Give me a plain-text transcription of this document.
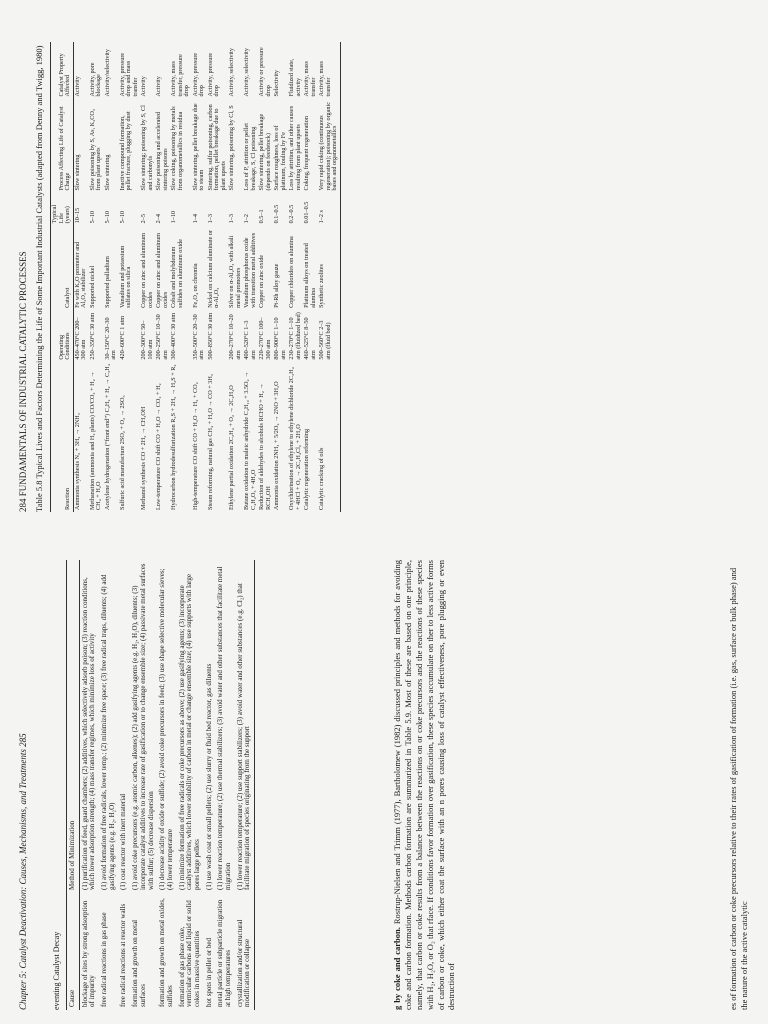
284 FUNDAMENTALS OF INDUSTRIAL CATALYTIC PROCESSES Table 5.8 Typical Lives and Factors Determining the Life of Some Important Industrial Catalysts (adapted from Denny and Twigg, 1980)	Reaction	Operating Conditions	Catalyst	Typical Life (years)	Process Affecting Life of Catalyst Charge	Catalyst Property Affected
Ammonia synthesis N₂ + 3H₂ → 2NH₃	450–470°C 200–300 atm	Fe with K₂O promoter and Al₂O₃ stabilizer	10–15	Slow sintering	Activity
Methanation (ammonia and H₂ plants) CO/CO₂ + H₂ → CH₄ + H₂O	250–350°C 30 atm	Supported nickel	5–10	Slow poisoning by S, As, K₂CO₃ from plant upsets	Activity, pore blockage
Acetylene hydrogenation (“front end”) C₂H₂ + H₂ → C₂H₄	30–150°C 20–30 atm	Supported palladium	5–10	Slow sintering	Activity/selectivity
Sulfuric acid manufacture 2SO₂ + O₂ → 2SO₃	420–600°C 1 atm	Vanadium and potassium sulfates on silica	5–10	Inactive compound formation, pellet fracture, plugging by dust	Activity, pressure drop and mass transfer
Methanol synthesis CO + 2H₂ → CH₃OH	200–300°C 50–100 atm	Copper on zinc and aluminum oxides	2–5	Slow sintering; poisoning by S, Cl and carbonyls	Activity
Low-temperature CO shift CO + H₂O → CO₂ + H₂	200–250°C 10–30 atm	Copper on zinc and aluminum oxides	2–4	Slow poisoning and accelerated sintering poisons	Activity
Hydrocarbon hydrodesulfurization R₂S + 2H₂ → H₂S + R₂	300–400°C 30 atm	Cobalt and molybdenum sulfides on aluminum oxide	1–10	Slow coking, poisoning by metals from organometallics in residua	Activity, mass transfer, pressure drop
High-temperature CO shift CO + H₂O → H₂ + CO₂	350–500°C 20–30 atm	Fe₃O₄ on chromia	1–4	Slow sintering, pellet breakage due to steam	Activity, pressure drop
Steam reforming, natural gas CH₄ + H₂O → CO + 3H₂	500–850°C 30 atm	Nickel on calcium aluminate or α-Al₂O₃	1–3	Sintering, sulfur poisoning, carbon formation, pellet breakage due to plant upsets	Activity, pressure drop
Ethylene partial oxidation 2C₂H₄ + O₂ → 2C₂H₄O	200–270°C 10–20 atm	Silver on α-Al₂O₃ with alkali metal promoters	1–3	Slow sintering, poisoning by Cl, S	Activity, selectivity
Butane oxidation to maleic anhydride C₄H₁₀ + 3.5O₂ → C₄H₂O₃ + 4H₂O	400–520°C 1–3 atm	Vanadium phosphorus oxide with transition metal additives	1–2	Loss of P, attrition or pellet breakage, S, Cl poisoning	Activity, selectivity
Reduction of aldehydes to alcohols RCHO + H₂ → RCH₂OH	220–270°C 100–300 atm	Copper on zinc oxide	0.5–1	Slow sintering, pellet breakage (depends on feedstock)	Activity or pressure drop
Ammonia oxidation 2NH₃ + 5/2O₂ → 2NO + 3H₂O	800–900°C 1–10 atm	Pt-Rh alloy gauze	0.1–0.5	Surface roughness, loss of platinum, fouling by Fe	Selectivity
Oxychlorination of ethylene to ethylene dichloride 2C₂H₄ + 4HCl + O₂ → 2C₂H₄Cl₂ + 2H₂O	230–270°C 1–10 atm (fluidized bed)	Copper chlorides on alumina	0.2–0.5	Loss by attrition, and other causes resulting from plant upsets	Fluidized state, activity
Catalytic regeneration reforming	460–525°C 8–50 atm	Platinum alloys on treated alumina	0.01–0.5	Coking, frequent regeneration	Activity, mass transfer
Catalytic cracking of oils	500–560°C 2–3 atm (fluid bed)	Synthetic zeolites	1–2 s	Very rapid coking (continuous regeneration); poisoning by organic bases and organometallics	Activity, mass transfer
Chapter 5: Catalyst Deactivation: Causes, Mechanisms, and Treatments 285	eventing Catalyst Decay Cause	Method of Minimization
blockage of sites by strong adsorption of impurity	(1) purification of feed, guard chambers; (2) additives, which selectively adsorb poison; (3) reaction conditions, which lower adsorption strength; (4) mass transfer regimes, which minimize loss of activity
free radical reactions in gas phase	(1) avoid formation of free radicals, lower temp.; (2) minimize free space; (3) free radical traps, diluents; (4) add gasifying agents (e.g. H₂, H₂O)
free radical reactions at reactor walls	(1) coat reactor with inert material
formation and growth on metal surfaces	(1) avoid coke precursors (e.g. atomic carbon, alkenes); (2) add gasifying agents (e.g. H₂, H₂O), diluents; (3) incorporate catalyst additives to increase rate of gasification or to change ensemble size; (4) passivate metal surfaces with sulfur; (5) decrease dispersion
formation and growth on metal oxides, sulfides	(1) decrease acidity of oxide or sulfide; (2) avoid coke precursors in feed; (3) use shape selective molecular sieves; (4) lower temperature
formation of gas phase coke, vermicular carbons and liquid or solid cokes in massive quantities	(1) minimize formation of free radicals or coke precursors as above; (2) use gasifying agents; (3) incorporate catalyst additives, which lower solubility of carbon in metal or change ensemble size; (4) use supports with large pores large pellets
hot spots in pellet or bed	(1) use wash coat or small pellets; (2) use slurry or fluid bed reactor, gas diluents
metal particle or subparticle migration at high temperatures	(1) lower reaction temperature; (2) use thermal stabilizers; (3) avoid water and other substances that facilitate metal migration
crystallization and/or structural modification or collapse	(1) lower reaction temperature; (2) use support stabilizers; (3) avoid water and other substances (e.g. Cl₂) that facilitate migration of species originating from the support
g by coke and carbon. Rostrup-Nielsen and Trimm (1977), Bartholomew (1982) discussed principles and methods for avoiding coke and carbon formation. Methods carbon formation are summarized in Table 5.9. Most of these are based on one principle, namely, that carbon or coke results from a balance between the reactions on or coke precursors and the reactions of these species with H₂, H₂O, or O₂ that rface. If conditions favor formation over gasification, these species accumulate on ther to less active forms of carbon or coke, which either coat the surface with an n pores causing loss of catalyst effectiveness, pore plugging or even destruction of	es of formation of carbon or coke precursors relative to their rates of gasification of formation (i.e. gas, surface or bulk phase) and the nature of the active catalytic
